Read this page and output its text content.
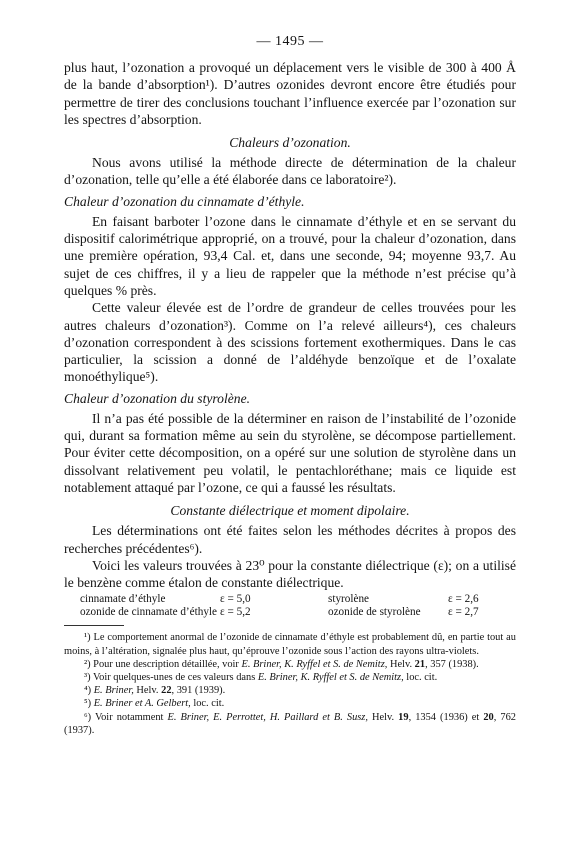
— 1495 —

plus haut, l’ozonation a provoqué un déplacement vers le visible de 300 à 400 Å de la bande d’absorption¹). D’autres ozonides devront encore être étudiés pour permettre de tirer des conclusions touchant l’influence exercée par l’ozonation sur les spectres d’absorption.

Chaleurs d’ozonation.

Nous avons utilisé la méthode directe de détermination de la chaleur d’ozonation, telle qu’elle a été élaborée dans ce laboratoire²).

Chaleur d’ozonation du cinnamate d’éthyle.

En faisant barboter l’ozone dans le cinnamate d’éthyle et en se servant du dispositif calorimétrique approprié, on a trouvé, pour la chaleur d’ozonation, dans une première opération, 93,4 Cal. et, dans une seconde, 94; moyenne 93,7. Au sujet de ces chiffres, il y a lieu de rappeler que la méthode n’est précise qu’à quelques % près.

Cette valeur élevée est de l’ordre de grandeur de celles trouvées pour les autres chaleurs d’ozonation³). Comme on l’a relevé ailleurs⁴), ces chaleurs d’ozonation correspondent à des scissions fortement exothermiques. Dans le cas particulier, la scission a donné de l’aldéhyde benzoïque et de l’oxalate monoéthylique⁵).

Chaleur d’ozonation du styrolène.

Il n’a pas été possible de la déterminer en raison de l’instabilité de l’ozonide qui, durant sa formation même au sein du styrolène, se décompose partiellement. Pour éviter cette décomposition, on a opéré sur une solution de styrolène dans un dissolvant relativement peu volatil, le pentachloréthane; mais ce liquide est notablement attaqué par l’ozone, ce qui a faussé les résultats.

Constante diélectrique et moment dipolaire.

Les déterminations ont été faites selon les méthodes décrites à propos des recherches précédentes⁶).

Voici les valeurs trouvées à 23⁰ pour la constante diélectrique (ε); on a utilisé le benzène comme étalon de constante diélectrique.

cinnamate d’éthyle	ε = 5,0	styrolène	ε = 2,6
ozonide de cinnamate d’éthyle	ε = 5,2	ozonide de styrolène	ε = 2,7

¹) Le comportement anormal de l’ozonide de cinnamate d’éthyle est probablement dû, en partie tout au moins, à l’altération, signalée plus haut, qu’éprouve l’ozonide sous l’action des rayons ultra-violets.

²) Pour une description détaillée, voir E. Briner, K. Ryffel et S. de Nemitz, Helv. 21, 357 (1938).

³) Voir quelques-unes de ces valeurs dans E. Briner, K. Ryffel et S. de Nemitz, loc. cit.

⁴) E. Briner, Helv. 22, 391 (1939).

⁵) E. Briner et A. Gelbert, loc. cit.

⁶) Voir notamment E. Briner, E. Perrottet, H. Paillard et B. Susz, Helv. 19, 1354 (1936) et 20, 762 (1937).
